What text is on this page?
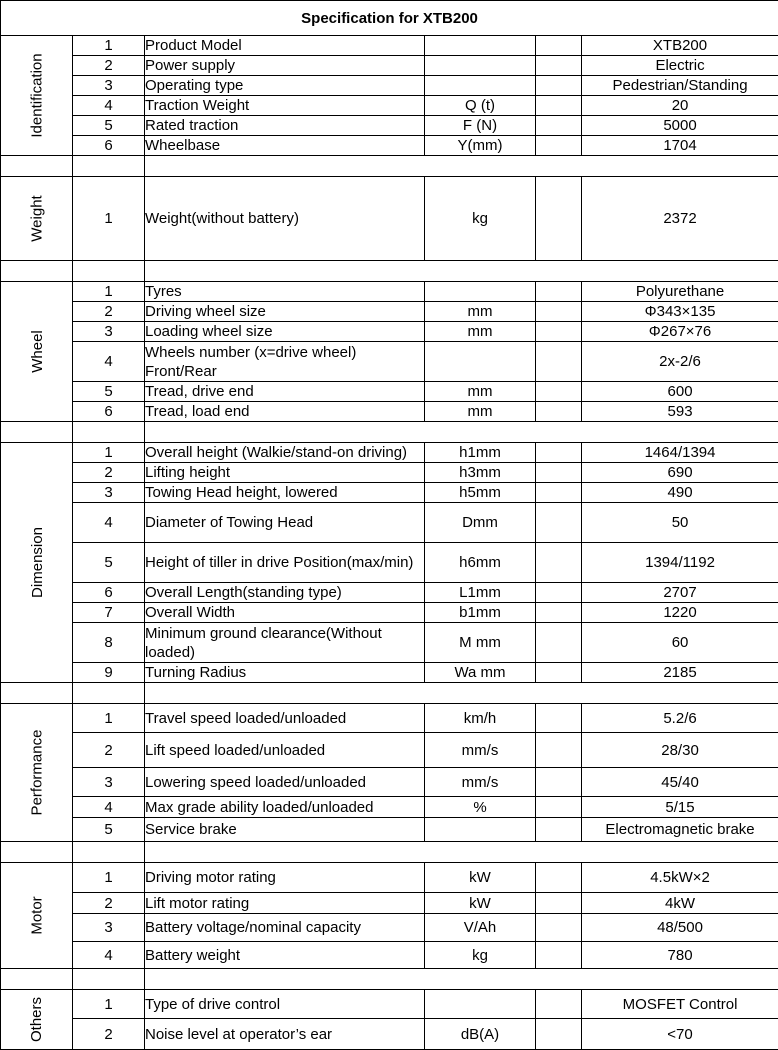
Specification for XTB200					

Identification	1	Product Model			XTB200
	2	Power supply			Electric
	3	Operating type			Pedestrian/Standing
	4	Traction Weight	Q (t)		20
	5	Rated traction	F (N)		5000
	6	Wheelbase	Y(mm)		1704

Weight	1	Weight(without battery)	kg		2372

Wheel	1	Tyres			Polyurethane
	2	Driving wheel size	mm		Φ343×135
	3	Loading wheel size	mm		Φ267×76
	4	Wheels number (x=drive wheel) Front/Rear			2x-2/6
	5	Tread, drive end	mm		600
	6	Tread, load end	mm		593

Dimension	1	Overall height (Walkie/stand-on driving)	h1mm		1464/1394
	2	Lifting height	h3mm		690
	3	Towing Head height, lowered	h5mm		490
	4	Diameter of Towing Head	Dmm		50
	5	Height of tiller in drive Position(max/min)	h6mm		1394/1192
	6	Overall Length(standing type)	L1mm		2707
	7	Overall Width	b1mm		1220
	8	Minimum ground clearance(Without loaded)	M mm		60
	9	Turning Radius	Wa mm		2185

Performance	1	Travel speed loaded/unloaded	km/h		5.2/6
	2	Lift speed loaded/unloaded	mm/s		28/30
	3	Lowering speed loaded/unloaded	mm/s		45/40
	4	Max grade ability loaded/unloaded	%		5/15
	5	Service brake			Electromagnetic brake

Motor	1	Driving motor rating	kW		4.5kW×2
	2	Lift motor rating	kW		4kW
	3	Battery voltage/nominal capacity	V/Ah		48/500
	4	Battery weight	kg		780

Others	1	Type of drive control			MOSFET Control
	2	Noise level at operator’s ear	dB(A)		<70
